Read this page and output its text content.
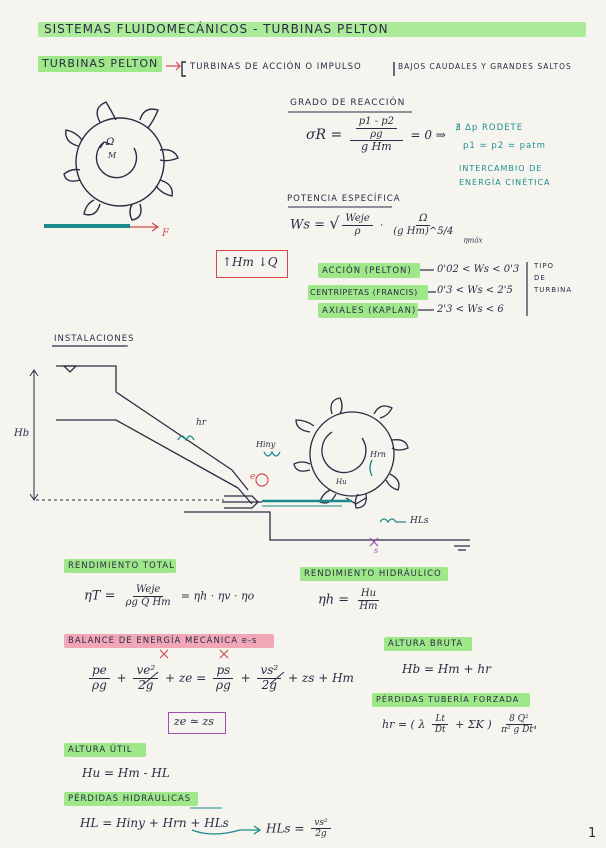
SISTEMAS FLUIDOMECÁNICOS - TURBINAS PELTON
TURBINAS PELTON	TURBINAS DE ACCIÓN O IMPULSO	BAJOS CAUDALES Y GRANDES SALTOS
Ω
M
F
GRADO DE REACCIÓN
$\sigma R = \frac{\frac{p1 - p2}{\rho g}}{\text{g Hm}} = 0$ ⇒ ∄ Δp RODETE
p1 = p2 = patm
INTERCAMBIO DE
ENERGÍA CINÉTICA
POTENCIA ESPECÍFICA
Ws = √ $\frac{\text{Weje}}{\rho} \cdot \frac{\Omega}{\text{(g Hm)\textasciicircum{}5/4}}$
$_{\eta máx}$
↑Hm ↓Q
ACCIÓN (PELTON)	0'02 < Ws < 0'3
CENTRÍPETAS (FRANCIS) 0'3 < Ws < 2'5
AXIALES (KAPLAN) 2'3 < Ws < 6
TIPO
DE
TURBINA
INSTALACIONES
Hb
hr
Hiny
e
Hrn
Hu
HLs
s
RENDIMIENTO TOTAL
$\eta T = \frac{\text{Weje}}{\text{ρg Q Hm}} = \eta h \cdot \eta v \cdot \eta o$
RENDIMIENTO HIDRÁULICO
$\eta h = \frac{Hu}{Hm}$
BALANCE DE ENERGÍA MECÁNICA e-s
$\frac{pe}{\rho g} + \frac{\text{ve²}}{2g}$ + ze = $\frac{ps}{\rho g} + \frac{\text{vs²}}{2g}$ + zs + Hm
ze ≃ zs
ALTURA BRUTA
Hb = Hm + hr
PÉRDIDAS TUBERÍA FORZADA
hr = ( λ $\frac{Lt}{Dt} + \Sigma K$ ) $\frac{\text{8 Q²}}{\text{π² g Dt⁴}}$
ALTURA ÚTIL
Hu = Hm - HL
PÉRDIDAS HIDRÁULICAS
HL = Hiny + Hrn + HLs	HLs = $\frac{\text{vs²}}{2g}$	1
